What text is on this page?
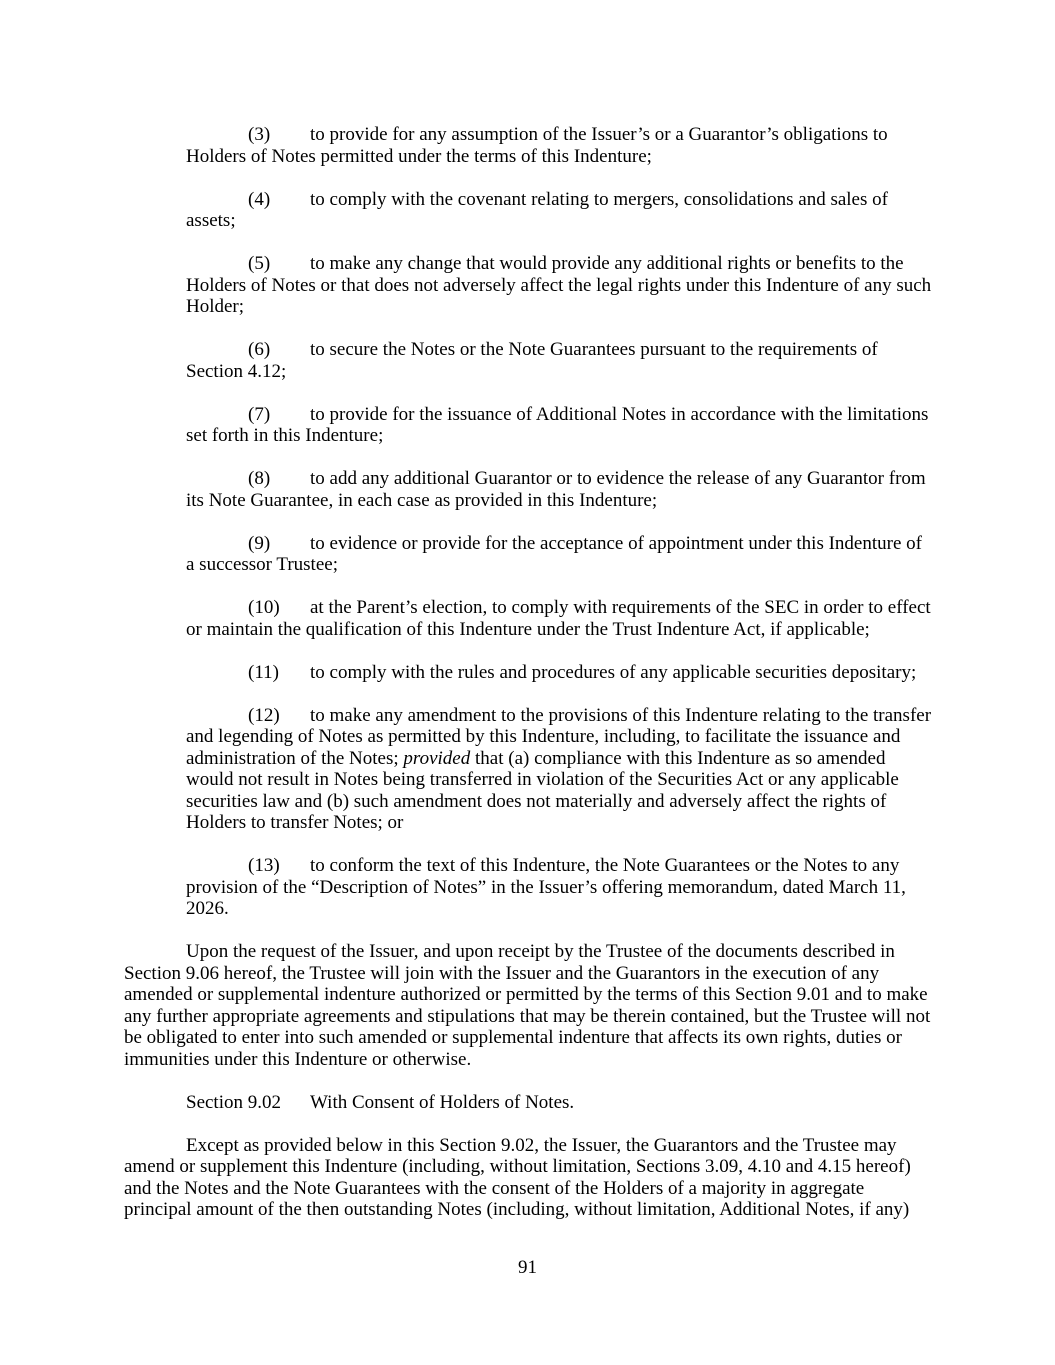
(3) to provide for any assumption of the Issuer’s or a Guarantor’s obligations to Holders of Notes permitted under the terms of this Indenture;

(4) to comply with the covenant relating to mergers, consolidations and sales of assets;

(5) to make any change that would provide any additional rights or benefits to the Holders of Notes or that does not adversely affect the legal rights under this Indenture of any such Holder;

(6) to secure the Notes or the Note Guarantees pursuant to the requirements of Section 4.12;

(7) to provide for the issuance of Additional Notes in accordance with the limitations set forth in this Indenture;

(8) to add any additional Guarantor or to evidence the release of any Guarantor from its Note Guarantee, in each case as provided in this Indenture;

(9) to evidence or provide for the acceptance of appointment under this Indenture of a successor Trustee;

(10) at the Parent’s election, to comply with requirements of the SEC in order to effect or maintain the qualification of this Indenture under the Trust Indenture Act, if applicable;

(11) to comply with the rules and procedures of any applicable securities depositary;

(12) to make any amendment to the provisions of this Indenture relating to the transfer and legending of Notes as permitted by this Indenture, including, to facilitate the issuance and administration of the Notes; provided that (a) compliance with this Indenture as so amended would not result in Notes being transferred in violation of the Securities Act or any applicable securities law and (b) such amendment does not materially and adversely affect the rights of Holders to transfer Notes; or

(13) to conform the text of this Indenture, the Note Guarantees or the Notes to any provision of the “Description of Notes” in the Issuer’s offering memorandum, dated March 11, 2026.

Upon the request of the Issuer, and upon receipt by the Trustee of the documents described in Section 9.06 hereof, the Trustee will join with the Issuer and the Guarantors in the execution of any amended or supplemental indenture authorized or permitted by the terms of this Section 9.01 and to make any further appropriate agreements and stipulations that may be therein contained, but the Trustee will not be obligated to enter into such amended or supplemental indenture that affects its own rights, duties or immunities under this Indenture or otherwise.

Section 9.02 With Consent of Holders of Notes.

Except as provided below in this Section 9.02, the Issuer, the Guarantors and the Trustee may amend or supplement this Indenture (including, without limitation, Sections 3.09, 4.10 and 4.15 hereof) and the Notes and the Note Guarantees with the consent of the Holders of a majority in aggregate principal amount of the then outstanding Notes (including, without limitation, Additional Notes, if any)

91
